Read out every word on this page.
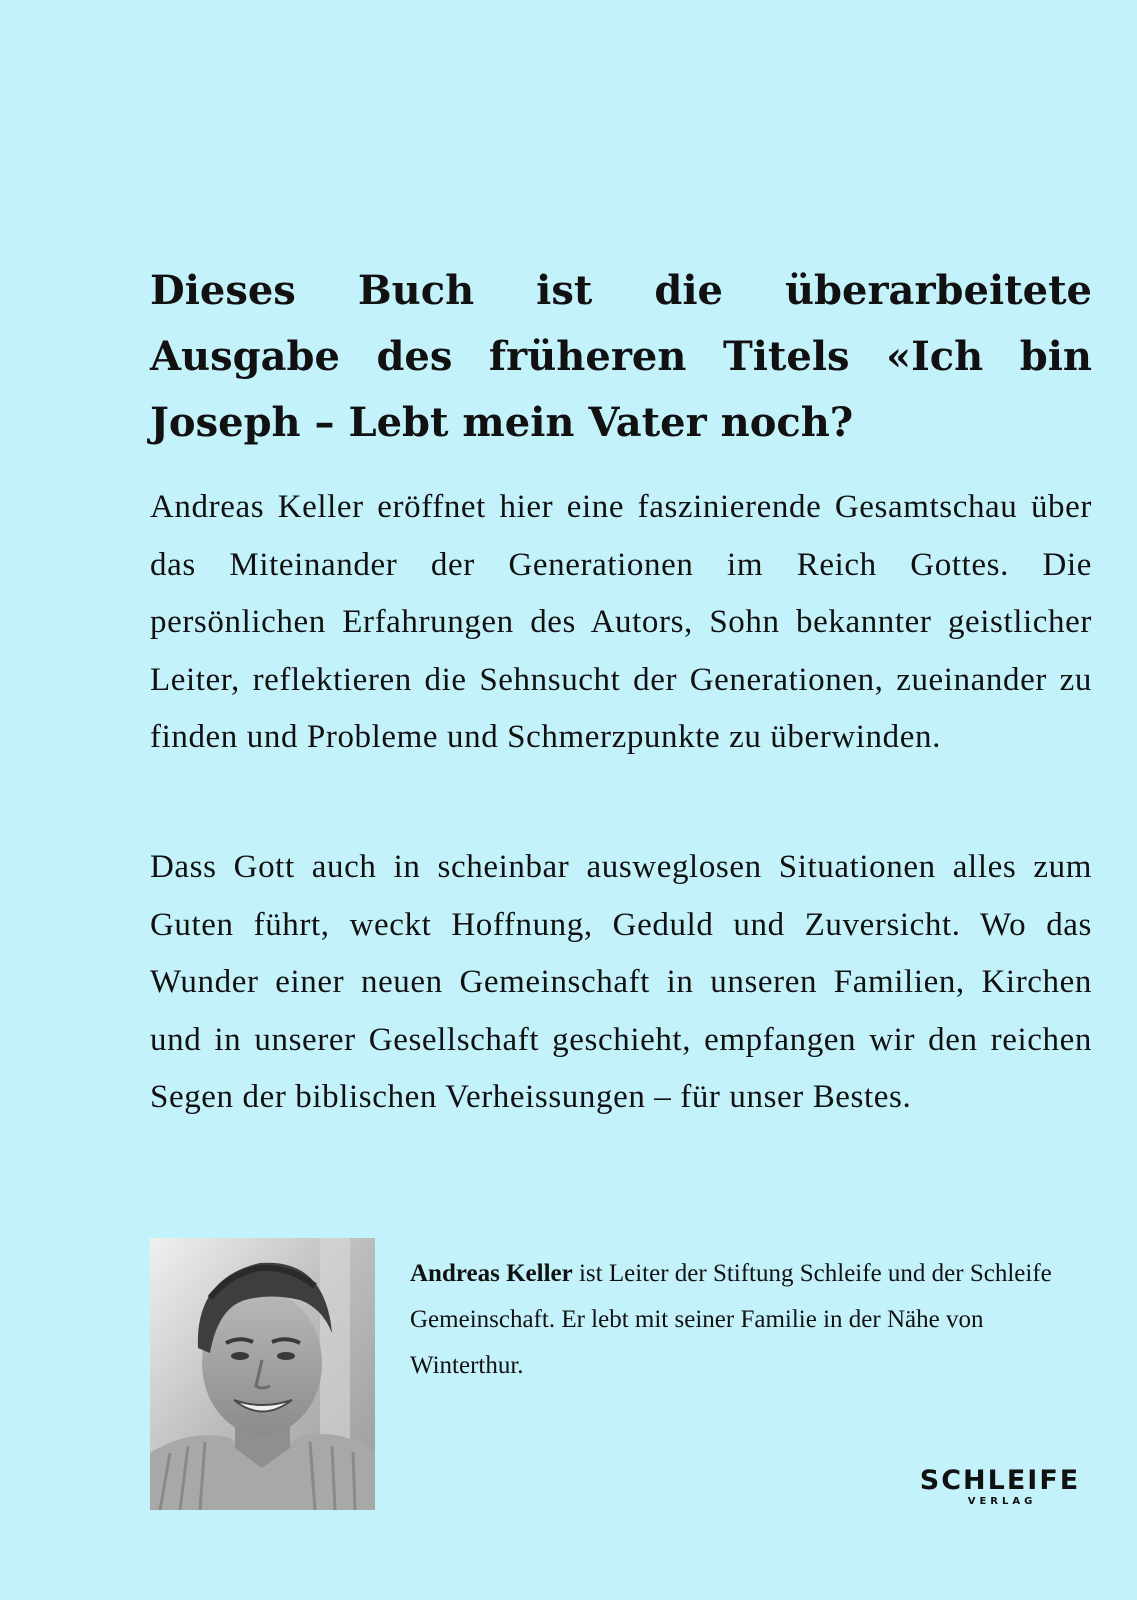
Dieses Buch ist die überarbeitete Ausgabe des früheren Titels «Ich bin Joseph – Lebt mein Vater noch?

Andreas Keller eröffnet hier eine faszinierende Gesamtschau über das Miteinander der Generationen im Reich Gottes. Die persönlichen Erfahrungen des Autors, Sohn bekannter geistlicher Leiter, reflektieren die Sehnsucht der Generationen, zueinander zu finden und Probleme und Schmerzpunkte zu überwinden.

Dass Gott auch in scheinbar ausweglosen Situationen alles zum Guten führt, weckt Hoffnung, Geduld und Zuversicht. Wo das Wunder einer neuen Gemeinschaft in unseren Familien, Kirchen und in unserer Gesellschaft geschieht, empfangen wir den reichen Segen der biblischen Verheissungen – für unser Bestes.

Andreas Keller ist Leiter der Stiftung Schleife und der Schleife Gemeinschaft. Er lebt mit seiner Familie in der Nähe von Winterthur.

SCHLEIFE
VERLAG
